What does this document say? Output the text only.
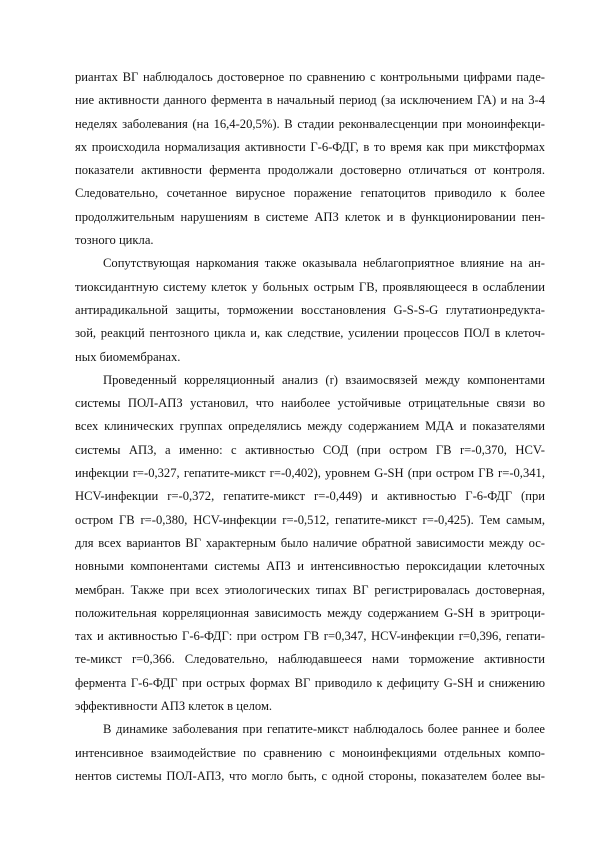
риантах ВГ наблюдалось достоверное по сравнению с контрольными цифрами паде-
ние активности данного фермента в начальный период (за исключением ГА) и на 3-4
неделях заболевания (на 16,4-20,5%). В стадии реконвалесценции при моноинфекци-
ях происходила нормализация активности Г-6-ФДГ, в то время как при микстформах
показатели активности фермента продолжали достоверно отличаться от контроля.
Следовательно, сочетанное вирусное поражение гепатоцитов приводило к более
продолжительным нарушениям в системе АПЗ клеток и в функционировании пен-
тозного цикла.
Сопутствующая наркомания также оказывала неблагоприятное влияние на ан-
тиоксидантную систему клеток у больных острым ГВ, проявляющееся в ослаблении
антирадикальной защиты, торможении восстановления G-S-S-G глутатионредукта-
зой, реакций пентозного цикла и, как следствие, усилении процессов ПОЛ в клеточ-
ных биомембранах.
Проведенный корреляционный анализ (r) взаимосвязей между компонентами
системы ПОЛ-АПЗ установил, что наиболее устойчивые отрицательные связи во
всех клинических группах определялись между содержанием МДА и показателями
системы АПЗ, а именно: с активностью СОД (при остром ГВ r=-0,370, HCV-
инфекции r=-0,327, гепатите-микст r=-0,402), уровнем G-SH (при остром ГВ r=-0,341,
HCV-инфекции r=-0,372, гепатите-микст r=-0,449) и активностью Г-6-ФДГ (при
остром ГВ r=-0,380, HCV-инфекции r=-0,512, гепатите-микст r=-0,425). Тем самым,
для всех вариантов ВГ характерным было наличие обратной зависимости между ос-
новными компонентами системы АПЗ и интенсивностью пероксидации клеточных
мембран. Также при всех этиологических типах ВГ регистрировалась достоверная,
положительная корреляционная зависимость между содержанием G-SH в эритроци-
тах и активностью Г-6-ФДГ: при остром ГВ r=0,347, HCV-инфекции r=0,396, гепати-
те-микст r=0,366. Следовательно, наблюдавшееся нами торможение активности
фермента Г-6-ФДГ при острых формах ВГ приводило к дефициту G-SH и снижению
эффективности АПЗ клеток в целом.
В динамике заболевания при гепатите-микст наблюдалось более раннее и более
интенсивное взаимодействие по сравнению с моноинфекциями отдельных компо-
нентов системы ПОЛ-АПЗ, что могло быть, с одной стороны, показателем более вы-
